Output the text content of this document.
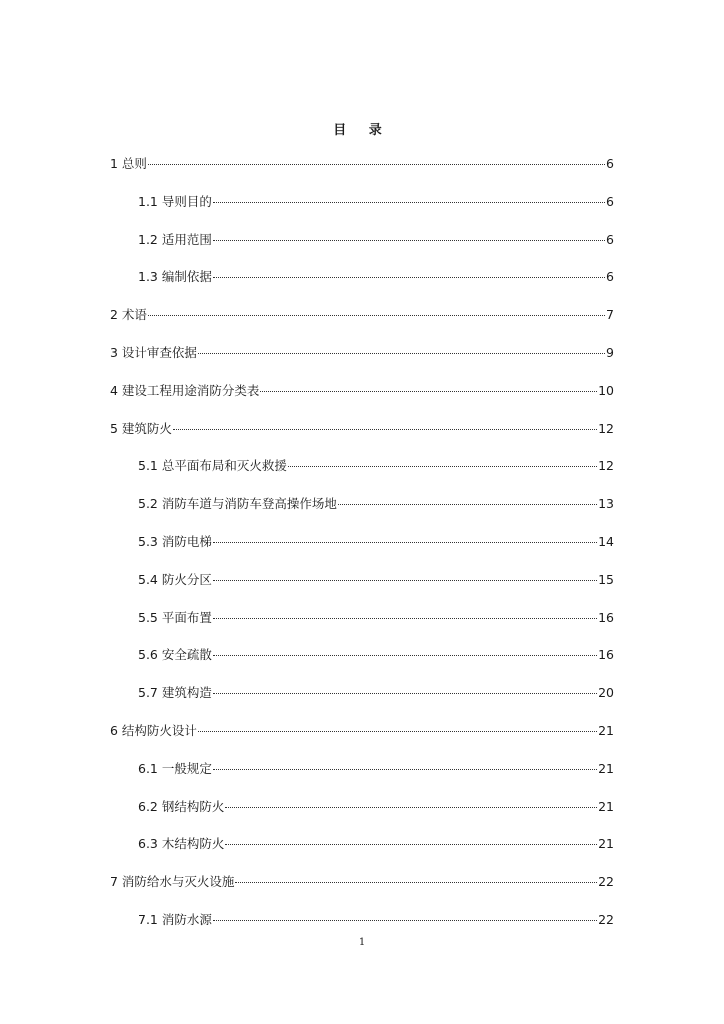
目 录
1 总则	6
1.1 导则目的	6
1.2 适用范围	6
1.3 编制依据	6
2 术语	7
3 设计审查依据	9
4 建设工程用途消防分类表	10
5 建筑防火	12
5.1 总平面布局和灭火救援	12
5.2 消防车道与消防车登高操作场地	13
5.3 消防电梯	14
5.4 防火分区	15
5.5 平面布置	16
5.6 安全疏散	16
5.7 建筑构造	20
6 结构防火设计	21
6.1 一般规定	21
6.2 钢结构防火	21
6.3 木结构防火	21
7 消防给水与灭火设施	22
7.1 消防水源	22
1
